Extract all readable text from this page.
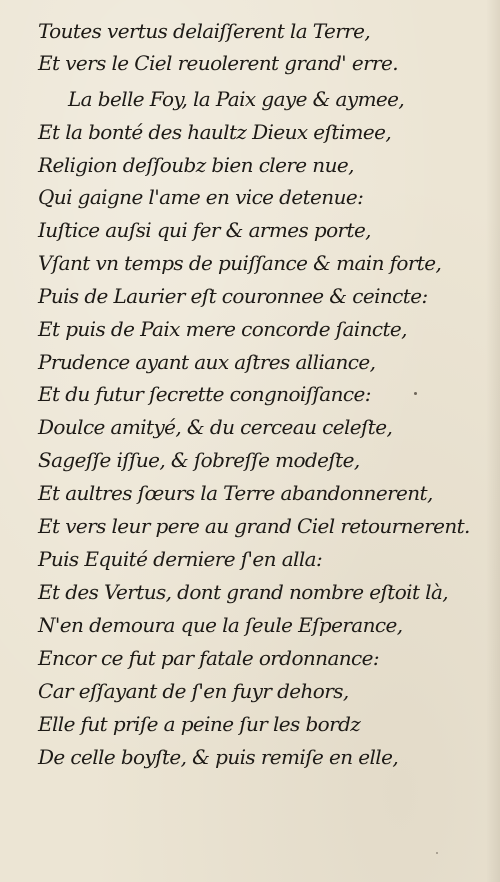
Toutes vertus delaiſſerent la Terre,
Et vers le Ciel reuolerent grand' erre.
La belle Foy, la Paix gaye & aymee,
Et la bonté des haultz Dieux eſtimee,
Religion deſſoubz bien clere nue,
Qui gaigne l'ame en vice detenue:
Iuſtice auſsi qui fer & armes porte,
Vſant vn temps de puiſſance & main forte,
Puis de Laurier eſt couronnee & ceincte:
Et puis de Paix mere concorde ſaincte,
Prudence ayant aux aſtres alliance,
Et du futur ſecrette congnoiſſance:
Doulce amityé, & du cerceau celeſte,
Sageſſe iſſue, & ſobreſſe modeſte,
Et aultres ſœurs la Terre abandonnerent,
Et vers leur pere au grand Ciel retournerent.
Puis Equité derniere ſ'en alla:
Et des Vertus, dont grand nombre eſtoit là,
N'en demoura que la ſeule Eſperance,
Encor ce fut par fatale ordonnance:
Car eſſayant de ſ'en fuyr dehors,
Elle fut priſe a peine ſur les bordz
De celle boyſte, & puis remiſe en elle,
